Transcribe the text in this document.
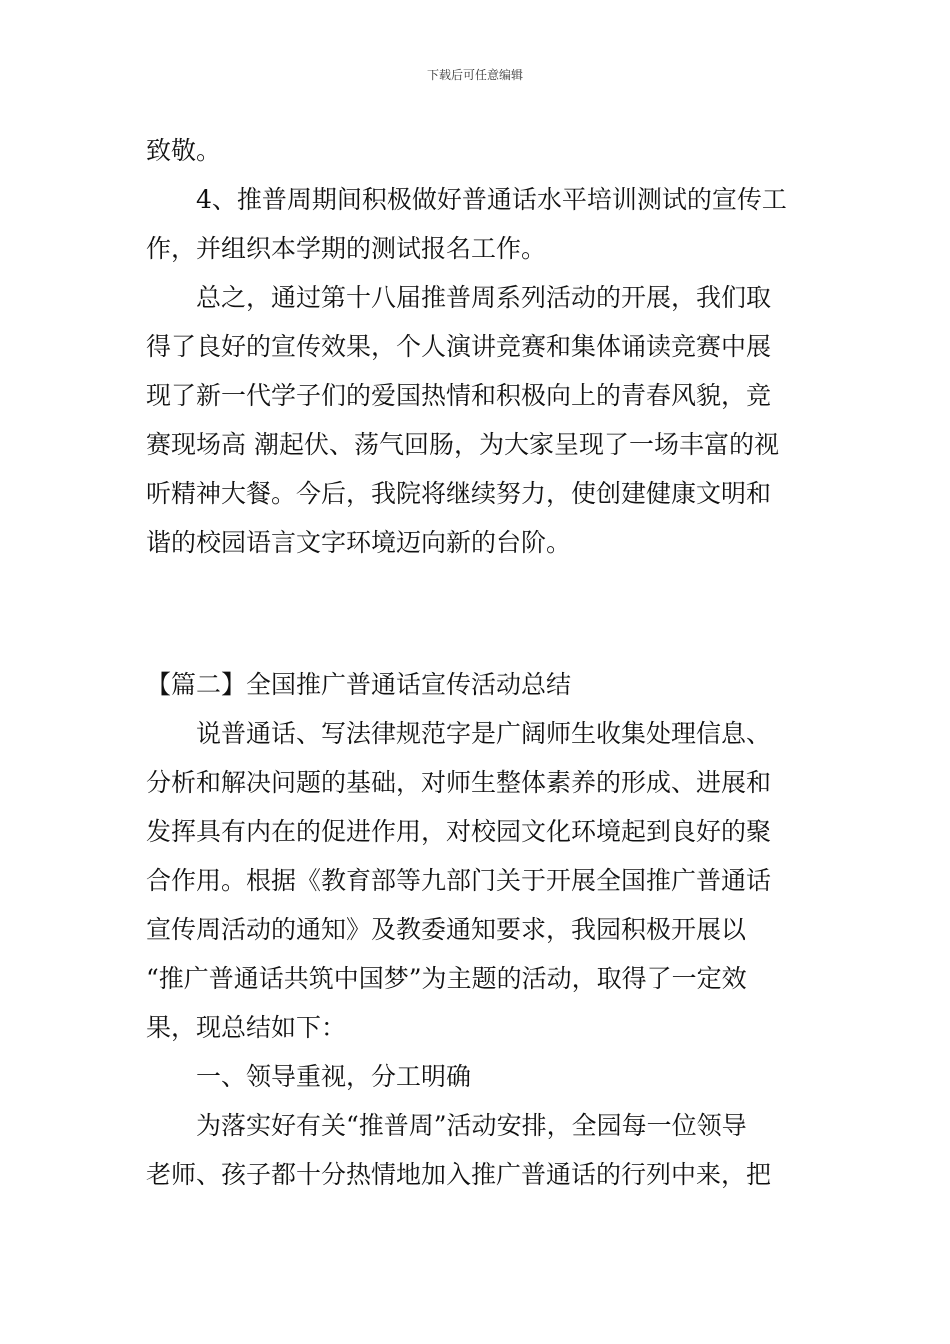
下载后可任意编辑
致敬。
4、推普周期间积极做好普通话水平培训测试的宣传工
作，并组织本学期的测试报名工作。
总之，通过第十八届推普周系列活动的开展，我们取
得了良好的宣传效果，个人演讲竞赛和集体诵读竞赛中展
现了新一代学子们的爱国热情和积极向上的青春风貌，竞
赛现场高 潮起伏、荡气回肠，为大家呈现了一场丰富的视
听精神大餐。今后，我院将继续努力，使创建健康文明和
谐的校园语言文字环境迈向新的台阶。
【篇二】全国推广普通话宣传活动总结
说普通话、写法律规范字是广阔师生收集处理信息、
分析和解决问题的基础，对师生整体素养的形成、进展和
发挥具有内在的促进作用，对校园文化环境起到良好的聚
合作用。根据《教育部等九部门关于开展全国推广普通话
宣传周活动的通知》及教委通知要求，我园积极开展以
“推广普通话共筑中国梦”为主题的活动，取得了一定效
果，现总结如下：
一、领导重视，分工明确
为落实好有关“推普周”活动安排，全园每一位领导
老师、孩子都十分热情地加入推广普通话的行列中来，把
